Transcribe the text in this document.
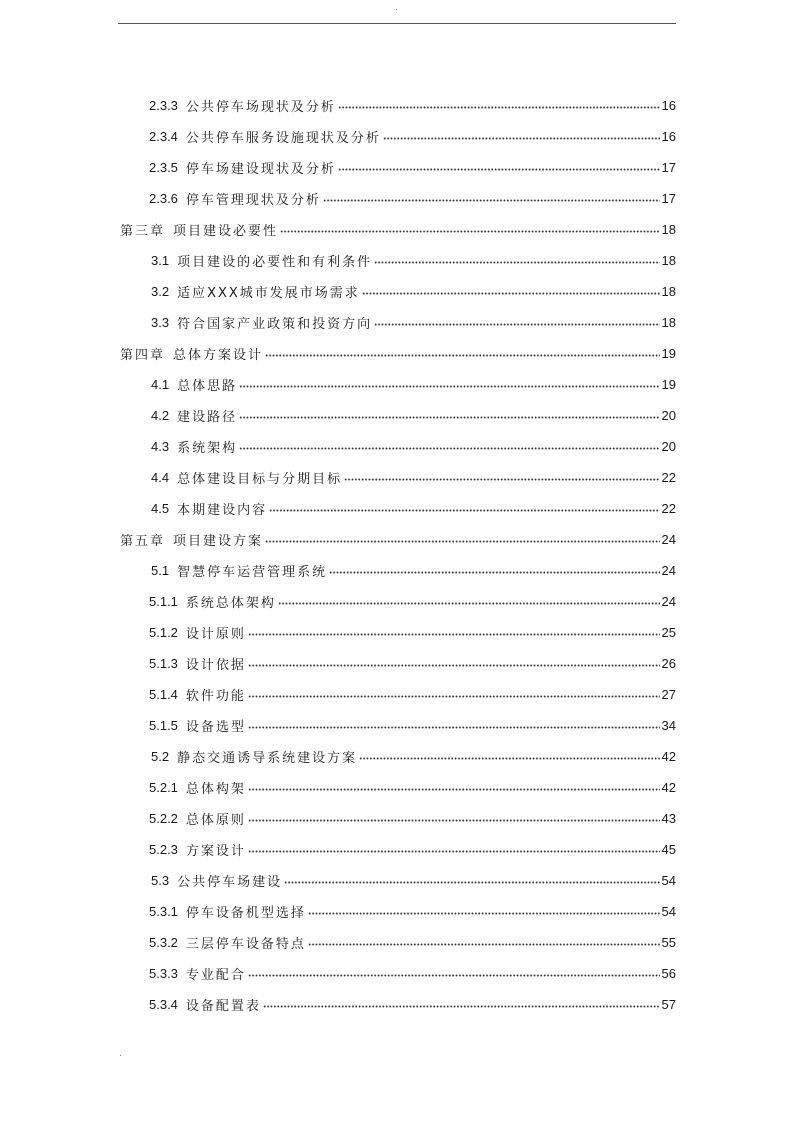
.
2.3.3 公共停车场现状及分析	16
2.3.4 公共停车服务设施现状及分析	16
2.3.5 停车场建设现状及分析	17
2.3.6 停车管理现状及分析	17
第三章 项目建设必要性	18
3.1 项目建设的必要性和有利条件	18
3.2 适应XXX城市发展市场需求	18
3.3 符合国家产业政策和投资方向	18
第四章 总体方案设计	19
4.1 总体思路	19
4.2 建设路径	20
4.3 系统架构	20
4.4 总体建设目标与分期目标	22
4.5 本期建设内容	22
第五章 项目建设方案	24
5.1 智慧停车运营管理系统	24
5.1.1 系统总体架构	24
5.1.2 设计原则	25
5.1.3 设计依据	26
5.1.4 软件功能	27
5.1.5 设备选型	34
5.2 静态交通诱导系统建设方案	42
5.2.1 总体构架	42
5.2.2 总体原则	43
5.2.3 方案设计	45
5.3 公共停车场建设	54
5.3.1 停车设备机型选择	54
5.3.2 三层停车设备特点	55
5.3.3 专业配合	56
5.3.4 设备配置表	57
.
